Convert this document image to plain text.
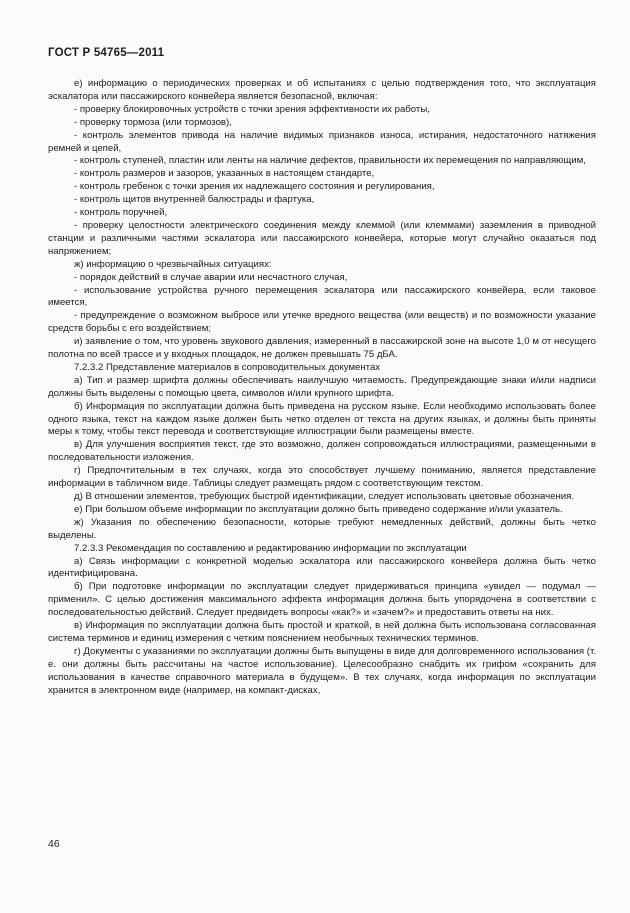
ГОСТ Р 54765—2011

е) информацию о периодических проверках и об испытаниях с целью подтверждения того, что эксплуатация эскалатора или пассажирского конвейера является безопасной, включая:

- проверку блокировочных устройств с точки зрения эффективности их работы,

- проверку тормоза (или тормозов),

- контроль элементов привода на наличие видимых признаков износа, истирания, недостаточного натяжения ремней и цепей,

- контроль ступеней, пластин или ленты на наличие дефектов, правильности их перемещения по направляющим,

- контроль размеров и зазоров, указанных в настоящем стандарте,

- контроль гребенок с точки зрения их надлежащего состояния и регулирования,

- контроль щитов внутренней балюстрады и фартука,

- контроль поручней,

- проверку целостности электрического соединения между клеммой (или клеммами) заземления в приводной станции и различными частями эскалатора или пассажирского конвейера, которые могут случайно оказаться под напряжением;

ж) информацию о чрезвычайных ситуациях:

- порядок действий в случае аварии или несчастного случая,

- использование устройства ручного перемещения эскалатора или пассажирского конвейера, если таковое имеется,

- предупреждение о возможном выбросе или утечке вредного вещества (или веществ) и по возможности указание средств борьбы с его воздействием;

и) заявление о том, что уровень звукового давления, измеренный в пассажирской зоне на высоте 1,0 м от несущего полотна по всей трассе и у входных площадок, не должен превышать 75 дБА.

7.2.3.2 Представление материалов в сопроводительных документах

а) Тип и размер шрифта должны обеспечивать наилучшую читаемость. Предупреждающие знаки и/или надписи должны быть выделены с помощью цвета, символов и/или крупного шрифта.

б) Информация по эксплуатации должна быть приведена на русском языке. Если необходимо использовать более одного языка, текст на каждом языке должен быть четко отделен от текста на других языках, и должны быть приняты меры к тому, чтобы текст перевода и соответствующие иллюстрации были размещены вместе.

в) Для улучшения восприятия текст, где это возможно, должен сопровождаться иллюстрациями, размещенными в последовательности изложения.

г) Предпочтительным в тех случаях, когда это способствует лучшему пониманию, является представление информации в табличном виде. Таблицы следует размещать рядом с соответствующим текстом.

д) В отношении элементов, требующих быстрой идентификации, следует использовать цветовые обозначения.

е) При большом объеме информации по эксплуатации должно быть приведено содержание и/или указатель.

ж) Указания по обеспечению безопасности, которые требуют немедленных действий, должны быть четко выделены.

7.2.3.3 Рекомендация по составлению и редактированию информации по эксплуатации

а) Связь информации с конкретной моделью эскалатора или пассажирского конвейера должна быть четко идентифицирована.

б) При подготовке информации по эксплуатации следует придерживаться принципа «увидел — подумал — применил». С целью достижения максимального эффекта информация должна быть упорядочена в соответствии с последовательностью действий. Следует предвидеть вопросы «как?» и «зачем?» и предоставить ответы на них.

в) Информация по эксплуатации должна быть простой и краткой, в ней должна быть использована согласованная система терминов и единиц измерения с четким пояснением необычных технических терминов.

г) Документы с указаниями по эксплуатации должны быть выпущены в виде для долговременного использования (т. е. они должны быть рассчитаны на частое использование). Целесообразно снабдить их грифом «сохранить для использования в качестве справочного материала в будущем». В тех случаях, когда информация по эксплуатации хранится в электронном виде (например, на компакт-дисках,

46
